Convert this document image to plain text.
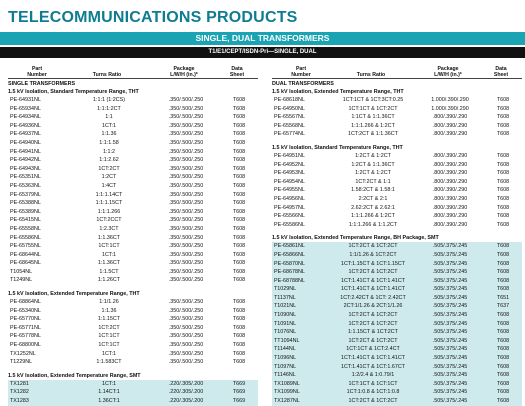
TELECOMMUNICATIONS PRODUCTS
SINGLE, DUAL TRANSFORMERS
T1/E1/CEPT/ISDN-Pri—SINGLE, DUAL
Part
Number	Turns Ratio
Package
L/W/H (in.)*
Data
Sheet
SINGLE TRANSFORMERS
1.5 kV Isolation, Standard Temperature Range, THT
PE-64931NL	1:1:1 (1:2CS)	.350/.500/.250	T608
PE-65934NL	1:1:1:2CT	.350/.500/.250	T608
PE-64934NL	1:1	.350/.500/.250	T608
PE-64936NL	1CT:1	.350/.500/.250	T608
PE-64937NL	1:1.36	.350/.500/.250	T608
PE-64940NL	1:1:1.58	.350/.500/.250	T608
PE-64941NL	1:1:2	.350/.500/.250	T608
PE-64942NL	1:1:2.62	.350/.500/.250	T608
PE-64943NL	1CT:2CT	.350/.500/.250	T608
PE-65351NL	1:2CT	.350/.500/.250	T608
PE-65363NL	1:4CT	.350/.500/.250	T608
PE-65379NL	1:1:1.14CT	.350/.500/.250	T608
PE-65388NL	1:1:1.15CT	.350/.500/.250	T608
PE-65389NL	1:1:1.266	.350/.500/.250	T608
PE-65415NL	1CT:2CCT	.350/.500/.250	T608
PE-65558NL	1:2.3CT	.350/.500/.250	T608
PE-65586NL	1:1.36CT	.350/.500/.250	T608
PE-65755NL	1CT:1CT	.350/.500/.250	T608
PE-68644NL	1CT:1	.350/.500/.250	T608
PE-68645NL	1:1.36CT	.350/.500/.250	T608
T1054NL	1:1.5CT	.350/.500/.250	T608
T1249NL	1:1.26CT	.350/.500/.250	T608
1.5 kV Isolation, Extended Temperature Range, THT
PE-68864NL	1:1/1.26	.350/.500/.250	T608
PE-65340NL	1:1.36	.350/.500/.250	T608
PE-65770NL	1:1.15CT	.350/.500/.250	T608
PE-65771NL	1CT:2CT	.350/.500/.250	T608
PE-65778NL	1CT:1CT	.350/.500/.250	T608
PE-68800NL	1CT:1CT	.350/.500/.250	T608
TX1252NL	1CT:1	.350/.500/.250	T608
T1229NL	1:1.583CT	.350/.500/.250	T608
1.5 kV Isolation, Extended Temperature Range, SMT
TX1281	1CT:1	.220/.305/.200	T669
TX1282	1.14CT:1	.220/.305/.200	T669
TX1283	1.36CT:1	.220/.305/.200	T669
Part
Number	Turns Ratio
Package
L/W/H (in.)*
Data
Sheet
DUAL TRANSFORMERS
1.5 kV Isolation, Extended Temperature Range, THT
PE-68618NL	1CT:1CT & 1CT:3CT:0.25	1.000/.390/.290	T608
PE-64950NL	1CT:1CT & 1CT:2CT	1.000/.390/.290	T608
PE-65567NL	1:1CT & 1:1.36CT	.800/.390/.290	T608
PE-65568NL	1:1:1.266 & 1:2CT	.800/.390/.290	T608
PE-65774NL	1CT:2CT & 1:1.36CT	.800/.390/.290	T608
1.5 kV Isolation, Standard Temperature Range, THT
PE-64951NL	1:2CT & 1:2CT	.800/.390/.290	T608
PE-64952NL	1:2CT & 1:1.36CT	.800/.390/.290	T608
PE-64953NL	1:2CT & 1:2CT	.800/.390/.290	T608
PE-64954NL	1CT:2CT & 1:1	.800/.390/.290	T608
PE-64955NL	1.58:2CT & 1.58:1	.800/.390/.290	T608
PE-64956NL	2:2CT & 2:1	.800/.390/.290	T608
PE-64957NL	2.62:2CT & 2.62:1	.800/.390/.290	T608
PE-65566NL	1:1:1.266 & 1:2CT	.800/.390/.290	T608
PE-65586NL	1:1:1.266 & 1:1.2CT	.800/.390/.290	T608
1.5 kV Isolation, Extended Temperature Range, BH Package, SMT
PE-65861NL	1CT:2CT & 1CT:2CT	.505/.375/.245	T608
PE-65866NL	1:1/1.26 & 1CT:2CT	.505/.375/.245	T608
PE-65870NL	1CT:1.15CT & 1CT:1.15CT	.505/.375/.245	T608
PE-68678NL	1CT:2CT & 1CT:2CT	.505/.375/.245	T608
PE-68788NL	1CT:1.41CT & 1CT:1.41CT	.505/.375/.245	T608
T1029NL	1CT:1.41CT & 1CT:1.41CT	.505/.375/.245	T608
T1137NL	1CT:2.42CT & 1CT: 2.42CT	.505/.375/.245	T651
T1021NL	2CT:1/1.26 & 2CT:1/1.26	.505/.375/.245	T637
T1090NL	1CT:2CT & 1CT:2CT	.505/.375/.245	T608
T1091NL	1CT:2CT & 1CT:2CT	.505/.375/.245	T608
T1076NL	1:1.15CT & 1CT:2CT	.505/.375/.245	T608
TT1094NL	1CT:2CT & 1CT:2CT	.505/.375/.245	T608
T1144NL	1CT:1CT & 1CT:2.4CT	.505/.375/.245	T608
T1096NL	1CT:1.41CT & 1CT:1.41CT	.505/.375/.245	T608
T1097NL	1CT:1.41CT & 1CT:1.67CT	.505/.375/.245	T608
T1146NL	1:2/2.4 & 1:0.79/1	.505/.375/.245	T608
TX1089NL	1CT:1CT & 1CT:1CT	.505/.375/.245	T608
TX1099NL	1CT:1:0.8 & 1CT:1:0.8	.505/.375/.245	T608
TX1287NL	1CT:2CT & 1CT:2CT	.505/.375/.245	T608
